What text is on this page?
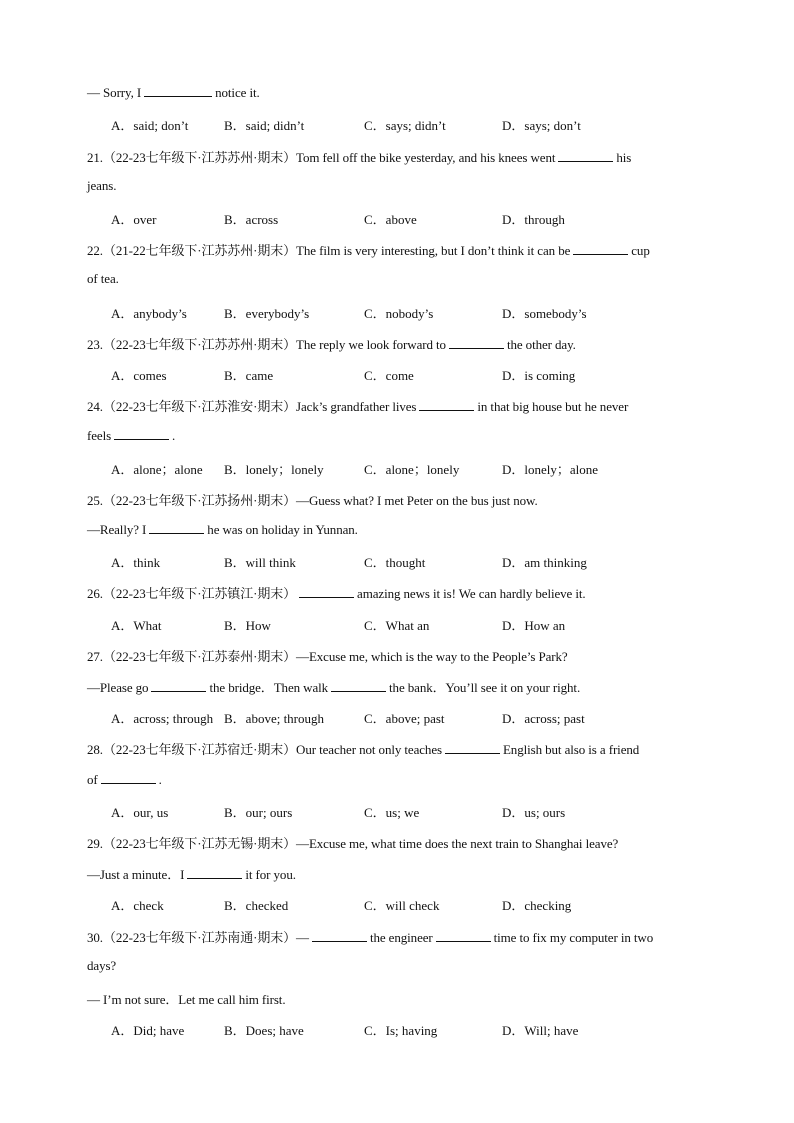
— Sorry, I	notice it.
A．said; don’t	B．said; didn’t	C．says; didn’t	D．says; don’t
21.（22-23七年级下·江苏苏州·期末）Tom fell off the bike yesterday, and his knees went	his
jeans.
A．over	B．across	C．above	D．through
22.（21-22七年级下·江苏苏州·期末）The film is very interesting, but I don’t think it can be	cup
of tea.
A．anybody’s	B．everybody’s	C．nobody’s	D．somebody’s
23.（22-23七年级下·江苏苏州·期末）The reply we look forward to	the other day.
A．comes	B．came	C．come	D．is coming
24.（22-23七年级下·江苏淮安·期末）Jack’s grandfather lives	in that big house but he never
feels	.
A．alone；alone B．lonely；lonely	C．alone；lonely	D．lonely；alone
25.（22-23七年级下·江苏扬州·期末）—Guess what? I met Peter on the bus just now.
—Really? I	he was on holiday in Yunnan.
A．think	B．will think	C．thought	D．am thinking
26.（22-23七年级下·江苏镇江·期末）	amazing news it is! We can hardly believe it.
A．What	B．How	C．What an	D．How an
27.（22-23七年级下·江苏泰州·期末）—Excuse me, which is the way to the People’s Park?
—Please go	the bridge．Then walk	the bank．You’ll see it on your right.
A．across; through B．above; through	C．above; past	D．across; past
28.（22-23七年级下·江苏宿迁·期末）Our teacher not only teaches	English but also is a friend
of	.
A．our, us	B．our; ours	C．us; we	D．us; ours
29.（22-23七年级下·江苏无锡·期末）—Excuse me, what time does the next train to Shanghai leave?
—Just a minute．I	it for you.
A．check	B．checked	C．will check	D．checking
30.（22-23七年级下·江苏南通·期末）—	the engineer	time to fix my computer in two
days?
— I’m not sure．Let me call him first.
A．Did; have	B．Does; have	C．Is; having	D．Will; have
